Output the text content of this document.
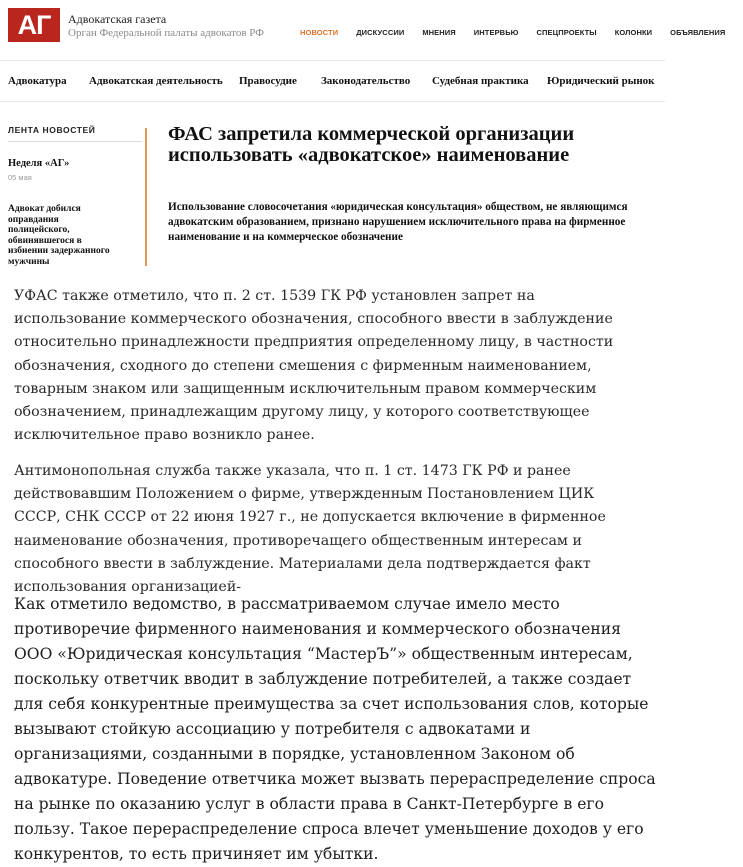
АГ	Адвокатская газета
Орган Федеральной палаты адвокатов РФ	НОВОСТИ ДИСКУССИИ МНЕНИЯ ИНТЕРВЬЮ СПЕЦПРОЕКТЫ КОЛОНКИ ОБЪЯВЛЕНИЯ
Адвокатура Адвокатская деятельность Правосудие Законодательство Судебная практика Юридический рынок
ЛЕНТА НОВОСТЕЙ
Неделя «АГ»
05 мая
Адвокат добился оправдания полицейского, обвинявшегося в избиении задержанного мужчины
ФАС запретила коммерческой организации использовать «адвокатское» наименование
Использование словосочетания «юридическая консультация» обществом, не являющимся адвокатским образованием, признано нарушением исключительного права на фирменное наименование и на коммерческое обозначение

УФАС также отметило, что п. 2 ст. 1539 ГК РФ установлен запрет на использование коммерческого обозначения, способного ввести в заблуждение относительно принадлежности предприятия определенному лицу, в частности обозначения, сходного до степени смешения с фирменным наименованием, товарным знаком или защищенным исключительным правом коммерческим обозначением, принадлежащим другому лицу, у которого соответствующее исключительное право возникло ранее.

Антимонопольная служба также указала, что п. 1 ст. 1473 ГК РФ и ранее действовавшим Положением о фирме, утвержденным Постановлением ЦИК СССР, СНК СССР от 22 июня 1927 г., не допускается включение в фирменное наименование обозначения, противоречащего общественным интересам и способного ввести в заблуждение. Материалами дела подтверждается факт использования организацией-

Как отметило ведомство, в рассматриваемом случае имело место противоречие фирменного наименования и коммерческого обозначения ООО «Юридическая консультация “МастерЪ”» общественным интересам, поскольку ответчик вводит в заблуждение потребителей, а также создает для себя конкурентные преимущества за счет использования слов, которые вызывают стойкую ассоциацию у потребителя с адвокатами и организациями, созданными в порядке, установленном Законом об адвокатуре. Поведение ответчика может вызвать перераспределение спроса на рынке по оказанию услуг в области права в Санкт-Петербурге в его пользу. Такое перераспределение спроса влечет уменьшение доходов у его конкурентов, то есть причиняет им убытки.
